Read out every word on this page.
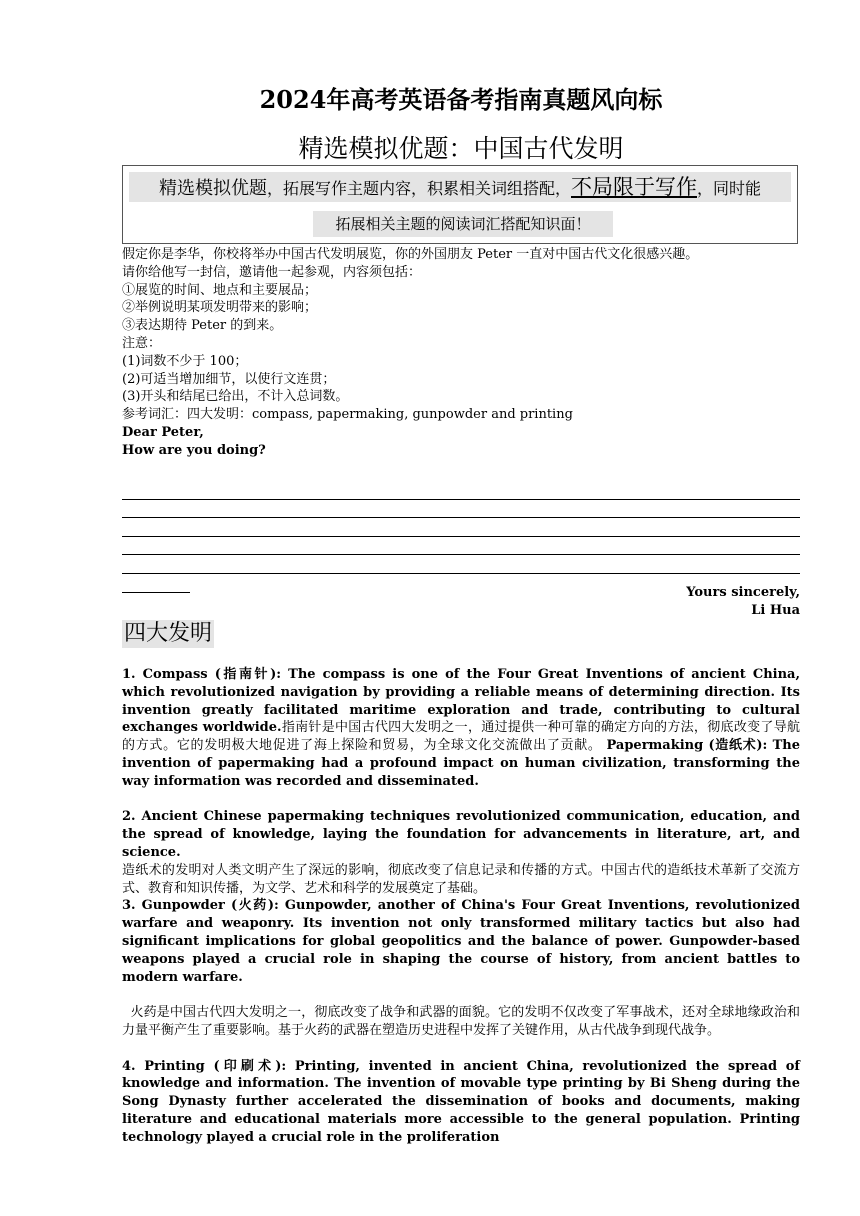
2024年高考英语备考指南真题风向标
精选模拟优题：中国古代发明
精选模拟优题，拓展写作主题内容，积累相关词组搭配，不局限于写作，同时能
拓展相关主题的阅读词汇搭配知识面！
假定你是李华，你校将举办中国古代发明展览，你的外国朋友 Peter 一直对中国古代文化很感兴趣。
请你给他写一封信，邀请他一起参观，内容须包括：
①展览的时间、地点和主要展品；
②举例说明某项发明带来的影响；
③表达期待 Peter 的到来。
注意：
(1)词数不少于 100；
(2)可适当增加细节，以使行文连贯；
(3)开头和结尾已给出，不计入总词数。
参考词汇：四大发明：compass, papermaking, gunpowder and printing
Dear Peter,
How are you doing?
Yours sincerely,
Li Hua
四大发明

1. Compass (指南针): The compass is one of the Four Great Inventions of ancient China, which revolutionized navigation by providing a reliable means of determining direction. Its invention greatly facilitated maritime exploration and trade, contributing to cultural exchanges worldwide.指南针是中国古代四大发明之一，通过提供一种可靠的确定方向的方法，彻底改变了导航的方式。它的发明极大地促进了海上探险和贸易，为全球文化交流做出了贡献。 Papermaking (造纸术): The invention of papermaking had a profound impact on human civilization, transforming the way information was recorded and disseminated.

2. Ancient Chinese papermaking techniques revolutionized communication, education, and the spread of knowledge, laying the foundation for advancements in literature, art, and science.
造纸术的发明对人类文明产生了深远的影响，彻底改变了信息记录和传播的方式。中国古代的造纸技术革新了交流方式、教育和知识传播，为文学、艺术和科学的发展奠定了基础。

3. Gunpowder (火药): Gunpowder, another of China's Four Great Inventions, revolutionized warfare and weaponry. Its invention not only transformed military tactics but also had significant implications for global geopolitics and the balance of power. Gunpowder-based weapons played a crucial role in shaping the course of history, from ancient battles to modern warfare.

火药是中国古代四大发明之一，彻底改变了战争和武器的面貌。它的发明不仅改变了军事战术，还对全球地缘政治和力量平衡产生了重要影响。基于火药的武器在塑造历史进程中发挥了关键作用，从古代战争到现代战争。

4. Printing (印刷术): Printing, invented in ancient China, revolutionized the spread of knowledge and information. The invention of movable type printing by Bi Sheng during the Song Dynasty further accelerated the dissemination of books and documents, making literature and educational materials more accessible to the general population. Printing technology played a crucial role in the proliferation
